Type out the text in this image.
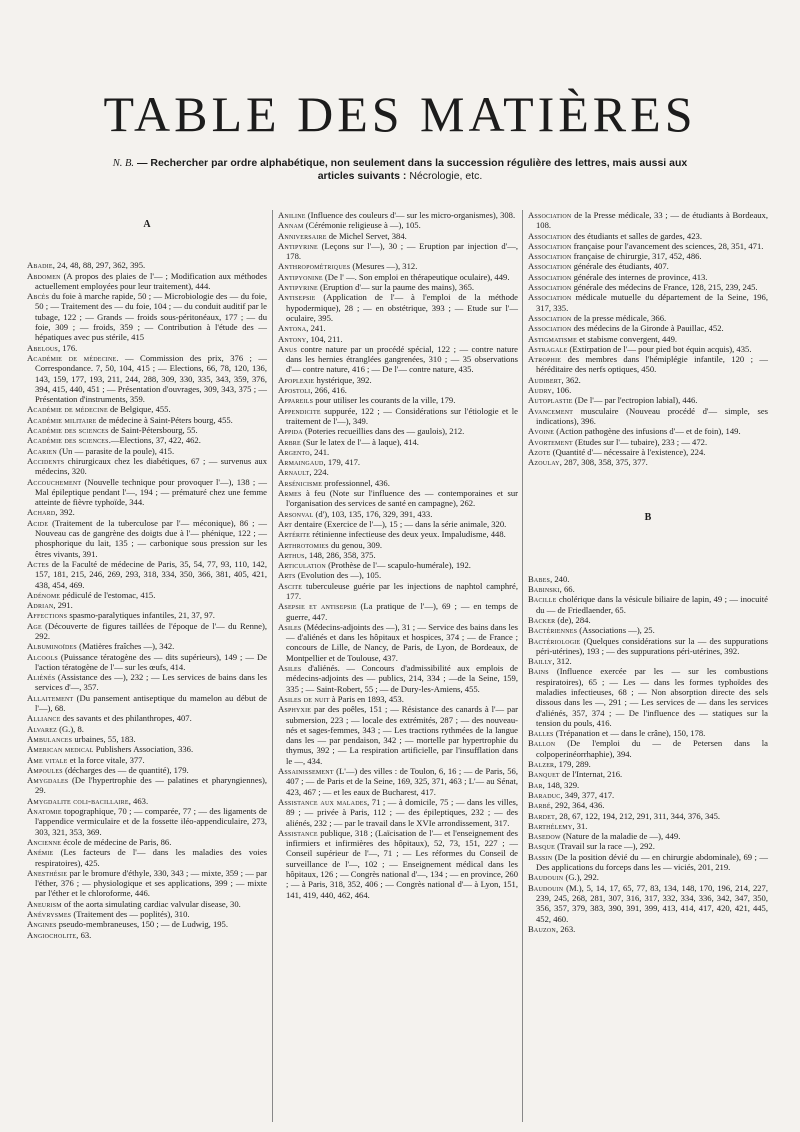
TABLE DES MATIÈRES
N. B. — Rechercher par ordre alphabétique, non seulement dans la succession régulière des lettres, mais aussi aux
articles suivants : Nécrologie, etc.
A

Abadie, 24, 48, 88, 297, 362, 395.

Abdomen (A propos des plaies de l'— ; Modification aux méthodes actuellement employées pour leur traitement), 444.

Abcès du foie à marche rapide, 50 ; — Microbiologie des — du foie, 50 ; — Traitement des — du foie, 104 ; — du conduit auditif par le tubage, 122 ; — Grands — froids sous-péritonéaux, 177 ; — du foie, 309 ; — froids, 359 ; — Contribution à l'étude des —hépatiques avec pus stérile, 415

Abelous, 176.

Académie de médecine. — Commission des prix, 376 ; — Correspondance. 7, 50, 104, 415 ; — Elections, 66, 78, 120, 136, 143, 159, 177, 193, 211, 244, 288, 309, 330, 335, 343, 359, 376, 394, 415, 440, 451 ; — Présentation d'ouvrages, 309, 343, 375 ; — Présentation d'instruments, 359.

Académie de médecine de Belgique, 455.

Académie militaire de médecine à Saint-Péters bourg, 455.

Académie des sciences de Saint-Pétersbourg, 55.

Académie des sciences.—Elections, 37, 422, 462.

Acarien (Un — parasite de la poule), 415.

Accidents chirurgicaux chez les diabétiques, 67 ; — survenus aux médecins, 320.

Accouchement (Nouvelle technique pour provoquer l'—), 138 ; — Mal épileptique pendant l'—, 194 ; — prématuré chez une femme atteinte de fièvre typhoïde, 344.

Achard, 392.

Acide (Traitement de la tuberculose par l'— méconique), 86 ; — Nouveau cas de gangrène des doigts due à l'— phénique, 122 ; — phosphorique du lait, 135 ; — carbonique sous pression sur les êtres vivants, 391.

Actes de la Faculté de médecine de Paris, 35, 54, 77, 93, 110, 142, 157, 181, 215, 246, 269, 293, 318, 334, 350, 366, 381, 405, 421, 438, 454, 469.

Adénome pédiculé de l'estomac, 415.

Adrian, 291.

Affections spasmo-paralytiques infantiles, 21, 37, 97.

Age (Découverte de figures taillées de l'époque de l'— du Renne), 292.

Albuminoïdes (Matières fraîches —), 342.

Alcools (Puissance tératogène des — dits supérieurs), 149 ; — De l'action tératogène de l'— sur les œufs, 414.

Aliénés (Assistance des —), 232 ; — Les services de bains dans les services d'—, 357.

Allaitement (Du pansement antiseptique du mamelon au début de l'—), 68.

Alliance des savants et des philanthropes, 407.

Alvarez (G.), 8.

Ambulances urbaines, 55, 183.

American medical Publishers Association, 336.

Ame vitale et la force vitale, 377.

Ampoules (décharges des — de quantité), 179.

Amygdales (De l'hypertrophie des — palatines et pharyngiennes), 29.

Amygdalite coli-bacillaire, 463.

Anatomie topographique, 70 ; — comparée, 77 ; — des ligaments de l'appendice vermiculaire et de la fossette iléo-appendiculaire, 273, 303, 321, 353, 369.

Ancienne école de médecine de Paris, 86.

Anémie (Les facteurs de l'— dans les maladies des voies respiratoires), 425.

Anesthésie par le bromure d'éthyle, 330, 343 ; — mixte, 359 ; — par l'éther, 376 ; — physiologique et ses applications, 399 ; — mixte par l'éther et le chloroforme, 446.

Aneurism of the aorta simulating cardiac valvular disease, 30.

Anévrysmes (Traitement des — poplités), 310.

Angines pseudo-membraneuses, 150 ; — de Ludwig, 195.

Angiocholite, 63.

Aniline (Influence des couleurs d'— sur les micro-organismes), 308.

Annam (Cérémonie religieuse à —), 105.

Anniversaire de Michel Servet, 384.

Antipyrine (Leçons sur l'—), 30 ; — Eruption par injection d'—, 178.

Anthropométriques (Mesures —), 312.

Antipyonine (De l' —. Son emploi en thérapeutique oculaire), 449.

Antipyrine (Eruption d'— sur la paume des mains), 365.

Antisepsie (Application de l'— à l'emploi de la méthode hypodermique), 28 ; — en obstétrique, 393 ; — Etude sur l'— oculaire, 395.

Antona, 241.

Antony, 104, 211.

Anus contre nature par un procédé spécial, 122 ; — contre nature dans les hernies étranglées gangrenées, 310 ; — 35 observations d'— contre nature, 416 ; — De l'— contre nature, 435.

Apoplexie hystérique, 392.

Apostoli, 266, 416.

Appareils pour utiliser les courants de la ville, 179.

Appendicite suppurée, 122 ; — Considérations sur l'étiologie et le traitement de l'—), 349.

Appida (Poteries recueillies dans des — gaulois), 212.

Arbre (Sur le latex de l'— à laque), 414.

Argento, 241.

Armaingaud, 179, 417.

Arnault, 224.

Arsénicisme professionnel, 436.

Armes à feu (Note sur l'influence des — contemporaines et sur l'organisation des services de santé en campagne), 262.

Arsonval (d'), 103, 135, 176, 329, 391, 433.

Art dentaire (Exercice de l'—), 15 ; — dans la série animale, 320.

Artérite rétinienne infectieuse des deux yeux. Impaludisme, 448.

Arthrotomies du genou, 309.

Arthus, 148, 286, 358, 375.

Articulation (Prothèse de l'— scapulo-humérale), 192.

Arts (Evolution des —), 105.

Ascite tuberculeuse guérie par les injections de naphtol camphré, 177.

Asepsie et antisepsie (La pratique de l'—), 69 ; — en temps de guerre, 447.

Asiles (Médecins-adjoints des —), 31 ; — Service des bains dans les — d'aliénés et dans les hôpitaux et hospices, 374 ; — de France ; concours de Lille, de Nancy, de Paris, de Lyon, de Bordeaux, de Montpellier et de Toulouse, 437.

Asiles d'aliénés. — Concours d'admissibilité aux emplois de médecins-adjoints des — publics, 214, 334 ; —de la Seine, 159, 335 ; — Saint-Robert, 55 ; — de Dury-les-Amiens, 455.

Asiles de nuit à Paris en 1893, 453.

Asphyxie par des poêles, 151 ; — Résistance des canards à l'— par submersion, 223 ; — locale des extrémités, 287 ; — des nouveau-nés et sages-femmes, 343 ; — Les tractions rythmées de la langue dans les — par pendaison, 342 ; — mortelle par hypertrophie du thymus, 392 ; — La respiration artificielle, par l'insufflation dans le —, 434.

Assainissement (L'—) des villes : de Toulon, 6, 16 ; — de Paris, 56, 407 ; — de Paris et de la Seine, 169, 325, 371, 463 ; L'— au Sénat, 423, 467 ; — et les eaux de Bucharest, 417.

Assistance aux malades, 71 ; — à domicile, 75 ; — dans les villes, 89 ; — privée à Paris, 112 ; — des épileptiques, 232 ; — des aliénés, 232 ; — par le travail dans le XVIe arrondissement, 317.

Assistance publique, 318 ; (Laïcisation de l'— et l'enseignement des infirmiers et infirmières des hôpitaux), 52, 73, 151, 227 ; — Conseil supérieur de l'—, 71 ; — Les réformes du Conseil de surveillance de l'—, 102 ; — Enseignement médical dans les hôpitaux, 126 ; — Congrès national d'—, 134 ; — en province, 260 ; — à Paris, 318, 352, 406 ; — Congrès national d'— à Lyon, 151, 141, 419, 440, 462, 464.

Association de la Presse médicale, 33 ; — de étudiants à Bordeaux, 108.

Association des étudiants et salles de gardes, 423.

Association française pour l'avancement des sciences, 28, 351, 471.

Association française de chirurgie, 317, 452, 486.

Association générale des étudiants, 407.

Association générale des internes de province, 413.

Association générale des médecins de France, 128, 215, 239, 245.

Association médicale mutuelle du département de la Seine, 196, 317, 335.

Association de la presse médicale, 366.

Association des médecins de la Gironde à Pauillac, 452.

Astigmatisme et stabisme convergent, 449.

Astragale (Extirpation de l'— pour pied bot équin acquis), 435.

Atrophie des membres dans l'hémiplégie infantile, 120 ; — héréditaire des nerfs optiques, 450.

Audibert, 362.

Audry, 106.

Autoplastie (De l'— par l'ectropion labial), 446.

Avancement musculaire (Nouveau procédé d'— simple, ses indications), 396.

Avoine (Action pathogène des infusions d'— et de foin), 149.

Avortement (Etudes sur l'— tubaire), 233 ; — 472.

Azote (Quantité d'— nécessaire à l'existence), 224.

Azoulay, 287, 308, 358, 375, 377.

B

Babes, 240.

Babinski, 66.

Bacille cholérique dans la vésicule biliaire de lapin, 49 ; — inocuité du — de Friedlaender, 65.

Backer (de), 284.

Bactériennes (Associations —), 25.

Bactériologie (Quelques considérations sur la — des suppurations péri-utérines), 193 ; — des suppurations péri-utérines, 392.

Bailly, 312.

Bains (Influence exercée par les — sur les combustions respiratoires), 65 ; — Les — dans les formes typhoïdes des maladies infectieuses, 68 ; — Non absorption directe des sels dissous dans les —, 291 ; — Les services de — dans les services d'aliénés, 357, 374 ; — De l'influence des — statiques sur la tension du pouls, 416.

Balles (Trépanation et — dans le crâne), 150, 178.

Ballon (De l'emploi du — de Petersen dans la colpoperinéorrhaphie), 394.

Balzer, 179, 289.

Banquet de l'Internat, 216.

Bar, 148, 329.

Baraduc, 349, 377, 417.

Barbé, 292, 364, 436.

Bardet, 28, 67, 122, 194, 212, 291, 311, 344, 376, 345.

Barthélemy, 31.

Basedow (Nature de la maladie de —), 449.

Basque (Travail sur la race —), 292.

Bassin (De la position dévié du — en chirurgie abdominale), 69 ; — Des applications du forceps dans les — viciés, 201, 219.

Baudouin (G.), 292.

Baudouin (M.), 5, 14, 17, 65, 77, 83, 134, 148, 170, 196, 214, 227, 239, 245, 268, 281, 307, 316, 317, 332, 334, 336, 342, 347, 350, 356, 357, 379, 383, 390, 391, 399, 413, 414, 417, 420, 421, 445, 452, 460.

Bauzon, 263.
